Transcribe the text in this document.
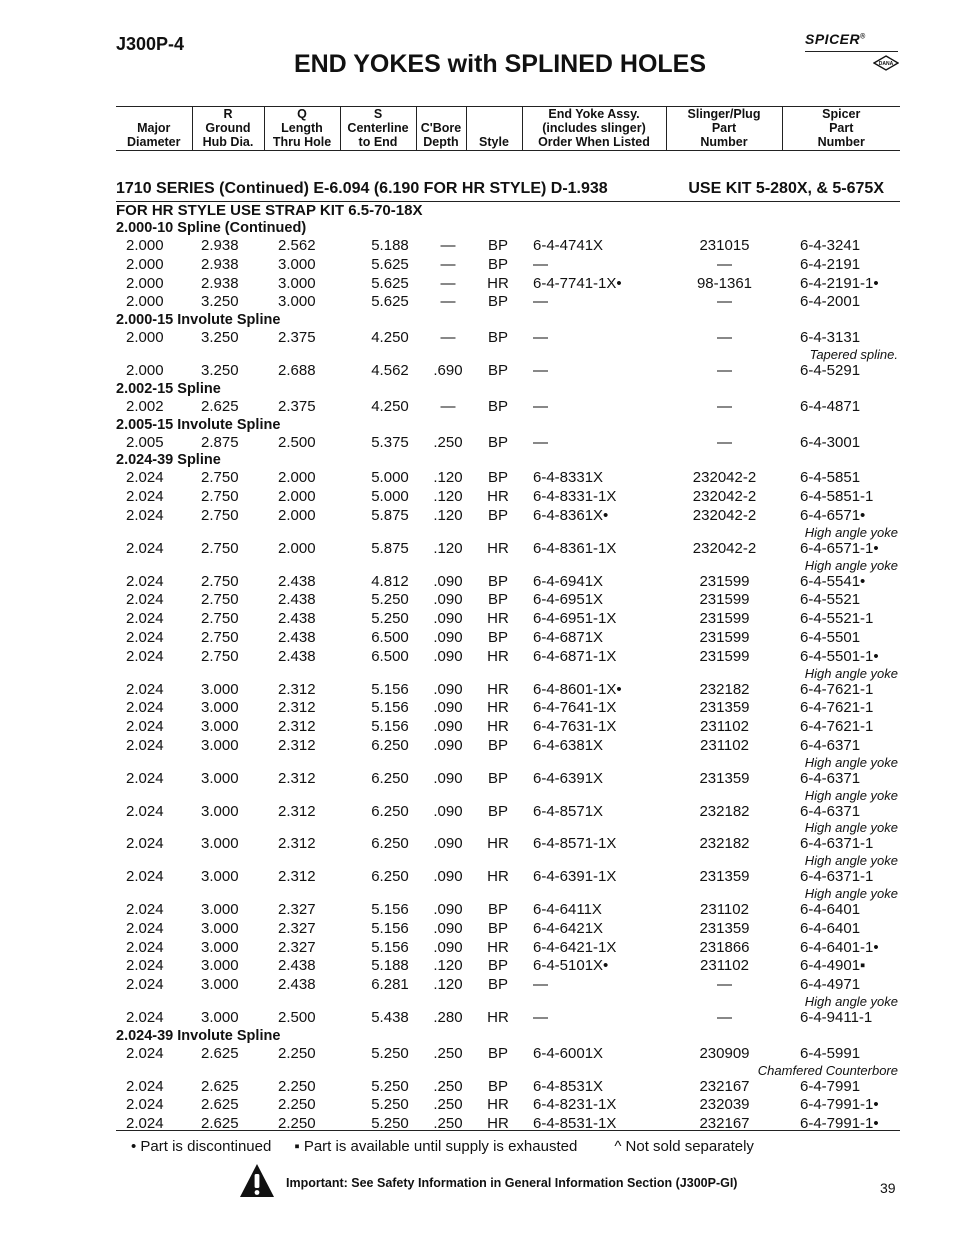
J300P-4
END YOKES with SPLINED HOLES
SPICER®
DANA
Major
Diameter

R
Ground
Hub Dia.

Q
Length
Thru Hole

S
Centerline
to End

C'Bore
Depth	Style

End Yoke Assy.
(includes slinger)
Order When Listed

Slinger/Plug
Part
Number

Spicer
Part
Number
1710 SERIES (Continued) E-6.094 (6.190 FOR HR STYLE) D-1.938	USE KIT 5-280X, & 5-675X
FOR HR STYLE USE STRAP KIT 6.5-70-18X
2.000-10 Spline (Continued)
2.000	2.938	2.562	5.188	—	BP	6-4-4741X	231015	6-4-3241
2.000	2.938	3.000	5.625	—	BP	—	—	6-4-2191
2.000	2.938	3.000	5.625	—	HR	6-4-7741-1X•	98-1361	6-4-2191-1•
2.000	3.250	3.000	5.625	—	BP	—	—	6-4-2001
2.000-15 Involute Spline
2.000	3.250	2.375	4.250	—	BP	—	—	6-4-3131
Tapered spline.
2.000	3.250	2.688	4.562	.690	BP	—	—	6-4-5291
2.002-15 Spline
2.002	2.625	2.375	4.250	—	BP	—	—	6-4-4871
2.005-15 Involute Spline
2.005	2.875	2.500	5.375	.250	BP	—	—	6-4-3001
2.024-39 Spline
2.024	2.750	2.000	5.000	.120	BP	6-4-8331X	232042-2	6-4-5851
2.024	2.750	2.000	5.000	.120	HR	6-4-8331-1X	232042-2	6-4-5851-1
2.024	2.750	2.000	5.875	.120	BP	6-4-8361X•	232042-2	6-4-6571•
High angle yoke
2.024	2.750	2.000	5.875	.120	HR	6-4-8361-1X	232042-2	6-4-6571-1•
High angle yoke
2.024	2.750	2.438	4.812	.090	BP	6-4-6941X	231599	6-4-5541•
2.024	2.750	2.438	5.250	.090	BP	6-4-6951X	231599	6-4-5521
2.024	2.750	2.438	5.250	.090	HR	6-4-6951-1X	231599	6-4-5521-1
2.024	2.750	2.438	6.500	.090	BP	6-4-6871X	231599	6-4-5501
2.024	2.750	2.438	6.500	.090	HR	6-4-6871-1X	231599	6-4-5501-1•
High angle yoke
2.024	3.000	2.312	5.156	.090	HR	6-4-8601-1X•	232182	6-4-7621-1
2.024	3.000	2.312	5.156	.090	HR	6-4-7641-1X	231359	6-4-7621-1
2.024	3.000	2.312	5.156	.090	HR	6-4-7631-1X	231102	6-4-7621-1
2.024	3.000	2.312	6.250	.090	BP	6-4-6381X	231102	6-4-6371
High angle yoke
2.024	3.000	2.312	6.250	.090	BP	6-4-6391X	231359	6-4-6371
High angle yoke
2.024	3.000	2.312	6.250	.090	BP	6-4-8571X	232182	6-4-6371
High angle yoke
2.024	3.000	2.312	6.250	.090	HR	6-4-8571-1X	232182	6-4-6371-1
High angle yoke
2.024	3.000	2.312	6.250	.090	HR	6-4-6391-1X	231359	6-4-6371-1
High angle yoke
2.024	3.000	2.327	5.156	.090	BP	6-4-6411X	231102	6-4-6401
2.024	3.000	2.327	5.156	.090	BP	6-4-6421X	231359	6-4-6401
2.024	3.000	2.327	5.156	.090	HR	6-4-6421-1X	231866	6-4-6401-1•
2.024	3.000	2.438	5.188	.120	BP	6-4-5101X•	231102	6-4-4901▪
2.024	3.000	2.438	6.281	.120	BP	—	—	6-4-4971
High angle yoke
2.024	3.000	2.500	5.438	.280	HR	—	—	6-4-9411-1
2.024-39 Involute Spline
2.024	2.625	2.250	5.250	.250	BP	6-4-6001X	230909	6-4-5991
Chamfered Counterbore
2.024	2.625	2.250	5.250	.250	BP	6-4-8531X	232167	6-4-7991
2.024	2.625	2.250	5.250	.250	HR	6-4-8231-1X	232039	6-4-7991-1•
2.024	2.625	2.250	5.250	.250	HR	6-4-8531-1X	232167	6-4-7991-1•
• Part is discontinued ▪ Part is available until supply is exhausted ^ Not sold separately
Important: See Safety Information in General Information Section (J300P-GI)	39
